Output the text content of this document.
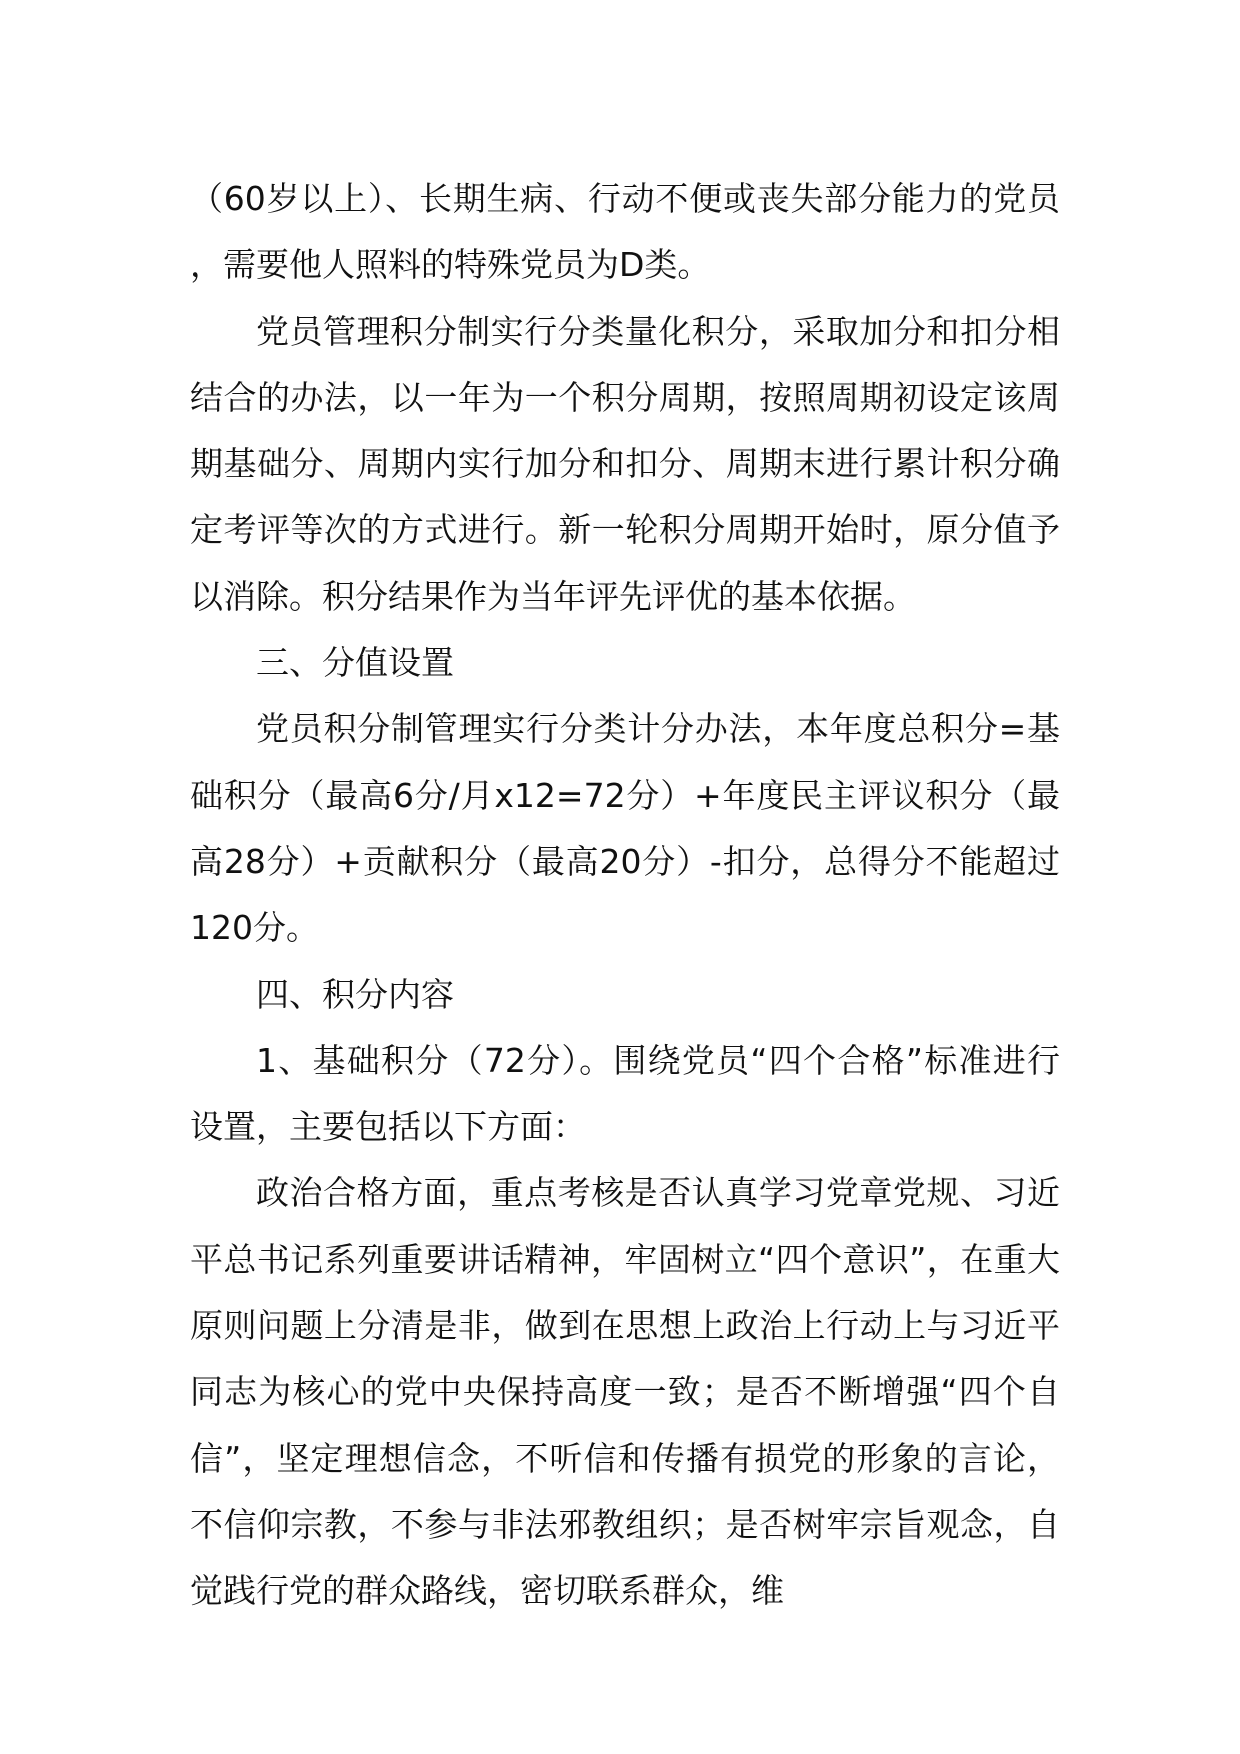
（60岁以上）、长期生病、行动不便或丧失部分能力的党员，需要他人照料的特殊党员为D类。

党员管理积分制实行分类量化积分，采取加分和扣分相结合的办法，以一年为一个积分周期，按照周期初设定该周期基础分、周期内实行加分和扣分、周期末进行累计积分确定考评等次的方式进行。新一轮积分周期开始时，原分值予以消除。积分结果作为当年评先评优的基本依据。

三、分值设置

党员积分制管理实行分类计分办法，本年度总积分=基础积分（最高6分/月x12=72分）+年度民主评议积分（最高28分）+贡献积分（最高20分）-扣分，总得分不能超过120分。

四、积分内容

1、基础积分（72分）。围绕党员“四个合格”标准进行设置，主要包括以下方面：

政治合格方面，重点考核是否认真学习党章党规、习近平总书记系列重要讲话精神，牢固树立“四个意识”，在重大原则问题上分清是非，做到在思想上政治上行动上与习近平同志为核心的党中央保持高度一致；是否不断增强“四个自信”，坚定理想信念，不听信和传播有损党的形象的言论，不信仰宗教，不参与非法邪教组织；是否树牢宗旨观念，自觉践行党的群众路线，密切联系群众，维
